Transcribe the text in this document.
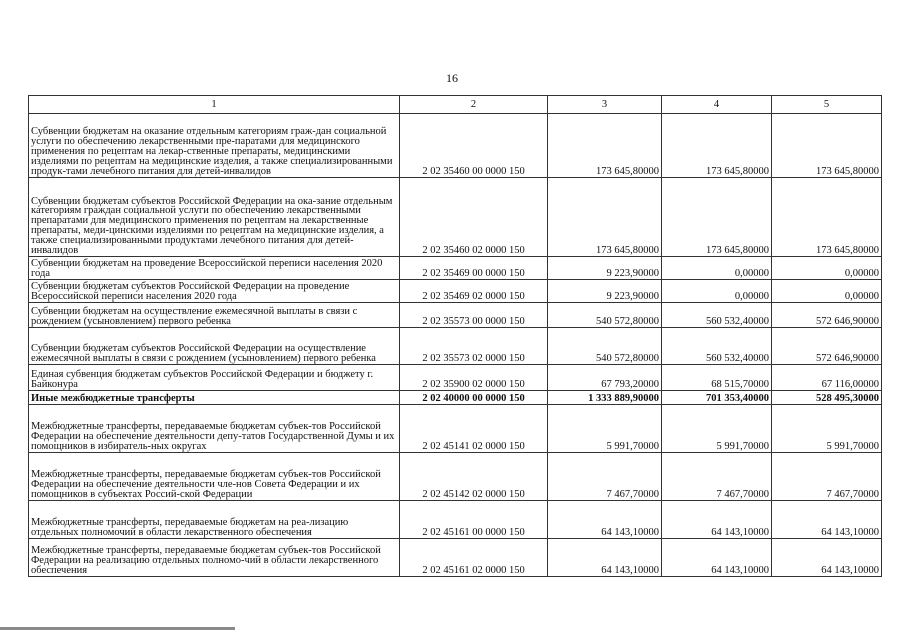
16
1	2	3	4	5
Субвенции бюджетам на оказание отдельным категориям граж-дан социальной услуги по обеспечению лекарственными пре-паратами для медицинского применения по рецептам на лекар-ственные препараты, медицинскими изделиями по рецептам на медицинские изделия, а также специализированными продук-тами лечебного питания для детей-инвалидов	2 02 35460 00 0000 150	173 645,80000	173 645,80000	173 645,80000
Субвенции бюджетам субъектов Российской Федерации на ока-зание отдельным категориям граждан социальной услуги по обеспечению лекарственными препаратами для медицинского применения по рецептам на лекарственные препараты, меди-цинскими изделиями по рецептам на медицинские изделия, а также специализированными продуктами лечебного питания для детей-инвалидов	2 02 35460 02 0000 150	173 645,80000	173 645,80000	173 645,80000
Субвенции бюджетам на проведение Всероссийской переписи населения 2020 года	2 02 35469 00 0000 150	9 223,90000	0,00000	0,00000
Субвенции бюджетам субъектов Российской Федерации на проведение Всероссийской переписи населения 2020 года	2 02 35469 02 0000 150	9 223,90000	0,00000	0,00000
Субвенции бюджетам на осуществление ежемесячной выплаты в связи с рождением (усыновлением) первого ребенка	2 02 35573 00 0000 150	540 572,80000	560 532,40000	572 646,90000
Субвенции бюджетам субъектов Российской Федерации на осуществление ежемесячной выплаты в связи с рождением (усыновлением) первого ребенка	2 02 35573 02 0000 150	540 572,80000	560 532,40000	572 646,90000
Единая субвенция бюджетам субъектов Российской Федерации и бюджету г. Байконура	2 02 35900 02 0000 150	67 793,20000	68 515,70000	67 116,00000
Иные межбюджетные трансферты	2 02 40000 00 0000 150	1 333 889,90000	701 353,40000	528 495,30000
Межбюджетные трансферты, передаваемые бюджетам субъек-тов Российской Федерации на обеспечение деятельности депу-татов Государственной Думы и их помощников в избиратель-ных округах	2 02 45141 02 0000 150	5 991,70000	5 991,70000	5 991,70000
Межбюджетные трансферты, передаваемые бюджетам субъек-тов Российской Федерации на обеспечение деятельности чле-нов Совета Федерации и их помощников в субъектах Россий-ской Федерации	2 02 45142 02 0000 150	7 467,70000	7 467,70000	7 467,70000
Межбюджетные трансферты, передаваемые бюджетам на реа-лизацию отдельных полномочий в области лекарственного обеспечения	2 02 45161 00 0000 150	64 143,10000	64 143,10000	64 143,10000
Межбюджетные трансферты, передаваемые бюджетам субъек-тов Российской Федерации на реализацию отдельных полномо-чий в области лекарственного обеспечения	2 02 45161 02 0000 150	64 143,10000	64 143,10000	64 143,10000
